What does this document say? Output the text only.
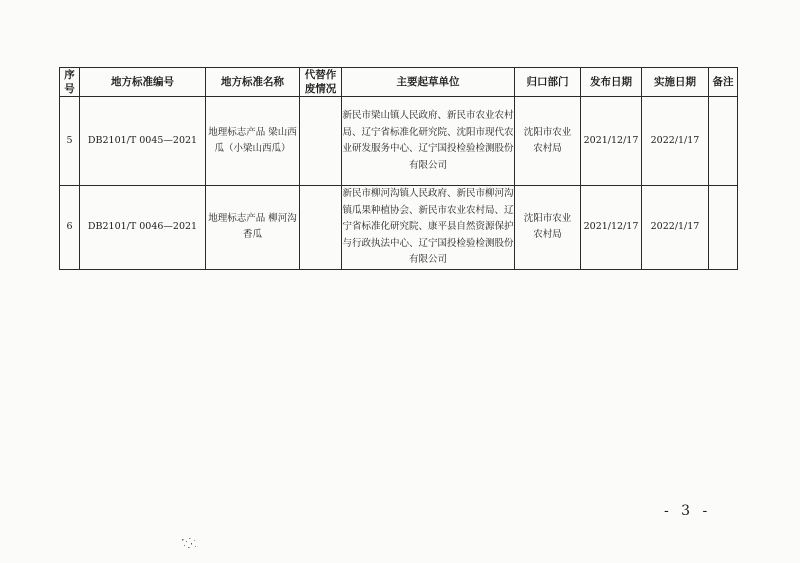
序号	地方标准编号	地方标准名称	代替作废情况	主要起草单位	归口部门	发布日期	实施日期	备注
5	DB2101/T 0045—2021	地理标志产品 梁山西瓜（小梁山西瓜）		新民市梁山镇人民政府、新民市农业农村局、辽宁省标准化研究院、沈阳市现代农业研发服务中心、辽宁国投检验检测股份有限公司	沈阳市农业农村局	2021/12/17	2022/1/17	
6	DB2101/T 0046—2021	地理标志产品 柳河沟香瓜		新民市柳河沟镇人民政府、新民市柳河沟镇瓜果种植协会、新民市农业农村局、辽宁省标准化研究院、康平县自然资源保护与行政执法中心、辽宁国投检验检测股份有限公司	沈阳市农业农村局	2021/12/17	2022/1/17	
- 3 -
